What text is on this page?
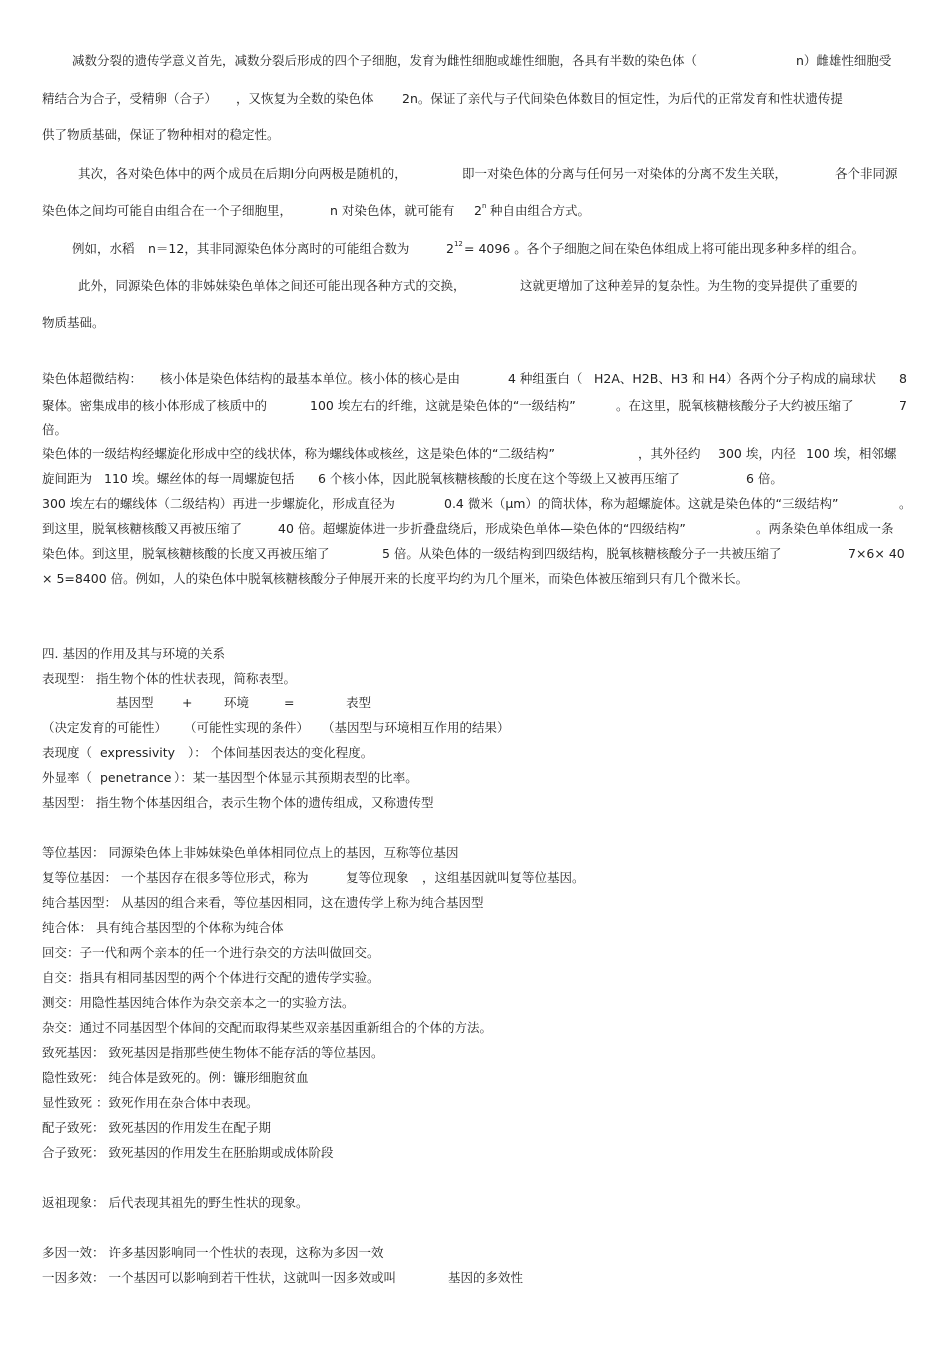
减数分裂的遗传学意义首先，减数分裂后形成的四个子细胞，发育为雌性细胞或雄性细胞，各具有半数的染色体（	n）雌雄性细胞受
精结合为合子，受精卵（合子） ，又恢复为全数的染色体 2n。保证了亲代与子代间染色体数目的恒定性，为后代的正常发育和性状遗传提
供了物质基础，保证了物种相对的稳定性。
其次，各对染色体中的两个成员在后期Ⅰ分向两极是随机的，	即一对染色体的分离与任何另一对染体的分离不发生关联，	各个非同源
染色体之间均可能自由组合在一个子细胞里，	n 对染色体，就可能有 2$^n$ 种自由组合方式。
例如，水稻 n＝12，其非同源染色体分离时的可能组合数为	$2^{12} = 4096$ 。各个子细胞之间在染色体组成上将可能出现多种多样的组合。
此外，同源染色体的非姊妹染色单体之间还可能出现各种方式的交换，	这就更增加了这种差异的复杂性。为生物的变异提供了重要的
物质基础。
染色体超微结构： 核小体是染色体结构的最基本单位。核小体的核心是由	4 种组蛋白（ H2A、H2B、H3 和 H4）各两个分子构成的扁球状 8
聚体。密集成串的核小体形成了核质中的	100 埃左右的纤维，这就是染色体的“一级结构”	。在这里，脱氧核糖核酸分子大约被压缩了	7
倍。
染色体的一级结构经螺旋化形成中空的线状体，称为螺线体或核丝，这是染色体的“二级结构”	，其外径约 300 埃，内径 100 埃，相邻螺
旋间距为 110 埃。螺丝体的每一周螺旋包括 6 个核小体，因此脱氧核糖核酸的长度在这个等级上又被再压缩了	6 倍。
300 埃左右的螺线体（二级结构）再进一步螺旋化，形成直径为	0.4 微米（μm）的筒状体，称为超螺旋体。这就是染色体的“三级结构”	。
到这里，脱氧核糖核酸又再被压缩了	40 倍。超螺旋体进一步折叠盘绕后，形成染色单体—染色体的“四级结构”	。两条染色单体组成一条
染色体。到这里，脱氧核糖核酸的长度又再被压缩了	5 倍。从染色体的一级结构到四级结构，脱氧核糖核酸分子一共被压缩了	7×6× 40
× 5=8400 倍。例如，人的染色体中脱氧核糖核酸分子伸展开来的长度平均约为几个厘米，而染色体被压缩到只有几个微米长。
四. 基因的作用及其与环境的关系
表现型： 指生物个体的性状表现，简称表型。
基因型 +	环境	=	表型
（决定发育的可能性） （可能性实现的条件） （基因型与环境相互作用的结果）
表现度（ expressivity ）： 个体间基因表达的变化程度。
外显率（ penetrance ）：某一基因型个体显示其预期表型的比率。
基因型： 指生物个体基因组合，表示生物个体的遗传组成，又称遗传型
等位基因： 同源染色体上非姊妹染色单体相同位点上的基因，互称等位基因
复等位基因： 一个基因存在很多等位形式，称为	复等位现象 ，这组基因就叫复等位基因。
纯合基因型： 从基因的组合来看，等位基因相同，这在遗传学上称为纯合基因型
纯合体： 具有纯合基因型的个体称为纯合体
回交：子一代和两个亲本的任一个进行杂交的方法叫做回交。
自交：指具有相同基因型的两个个体进行交配的遗传学实验。
测交：用隐性基因纯合体作为杂交亲本之一的实验方法。
杂交：通过不同基因型个体间的交配而取得某些双亲基因重新组合的个体的方法。
致死基因： 致死基因是指那些使生物体不能存活的等位基因。
隐性致死： 纯合体是致死的。例：镰形细胞贫血
显性致死 ：致死作用在杂合体中表现。
配子致死： 致死基因的作用发生在配子期
合子致死： 致死基因的作用发生在胚胎期或成体阶段
返祖现象： 后代表现其祖先的野生性状的现象。
多因一效： 许多基因影响同一个性状的表现，这称为多因一效
一因多效： 一个基因可以影响到若干性状，这就叫一因多效或叫	基因的多效性
